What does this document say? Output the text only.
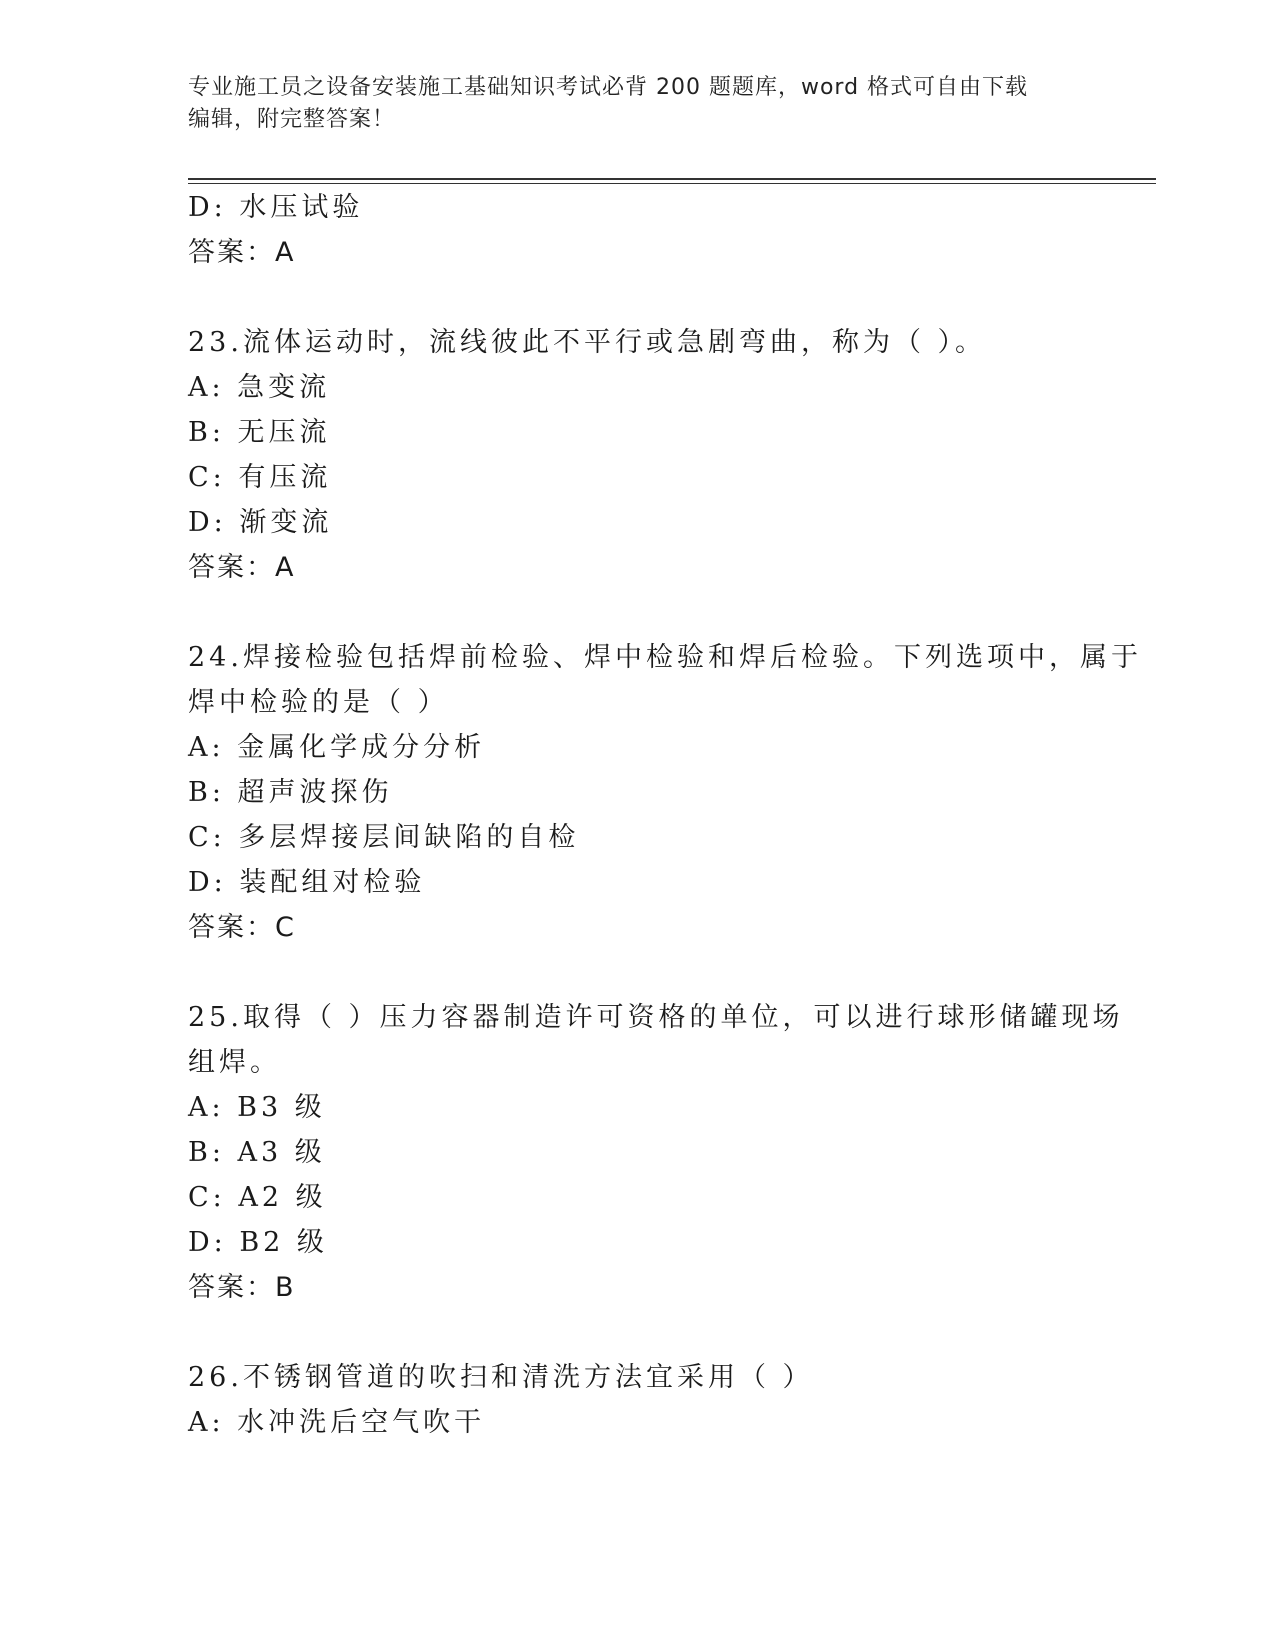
专业施工员之设备安装施工基础知识考试必背 200 题题库，word 格式可自由下载
编辑，附完整答案！
D: 水压试验
答案：A
23.流体运动时，流线彼此不平行或急剧弯曲，称为（ ）。
A: 急变流
B: 无压流
C: 有压流
D: 渐变流
答案：A
24.焊接检验包括焊前检验、焊中检验和焊后检验。下列选项中，属于
焊中检验的是（ ）
A: 金属化学成分分析
B: 超声波探伤
C: 多层焊接层间缺陷的自检
D: 装配组对检验
答案：C
25.取得（ ）压力容器制造许可资格的单位，可以进行球形储罐现场
组焊。
A: B3 级
B: A3 级
C: A2 级
D: B2 级
答案：B
26.不锈钢管道的吹扫和清洗方法宜采用（ ）
A: 水冲洗后空气吹干
